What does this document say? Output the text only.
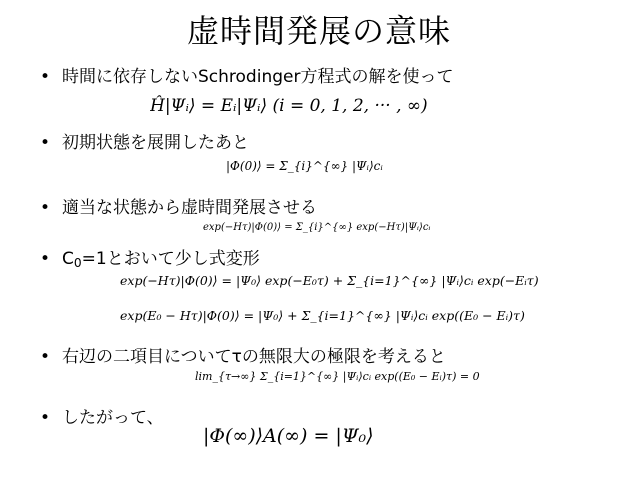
虚時間発展の意味
• 時間に依存しないSchrodinger方程式の解を使って
Ĥ|Ψᵢ⟩ = Eᵢ|Ψᵢ⟩ (i = 0, 1, 2, ··· , ∞)
• 初期状態を展開したあと
|Φ(0)⟩ = Σ_{i}^{∞} |Ψᵢ⟩cᵢ
• 適当な状態から虚時間発展させる
exp(−Hτ)|Φ(0)⟩ = Σ_{i}^{∞} exp(−Hτ)|Ψᵢ⟩cᵢ
• $C_0=1$とおいて少し式変形
exp(−Hτ)|Φ(0)⟩ = |Ψ₀⟩ exp(−E₀τ) + Σ_{i=1}^{∞} |Ψᵢ⟩cᵢ exp(−Eᵢτ)
exp(E₀ − Hτ)|Φ(0)⟩ = |Ψ₀⟩ + Σ_{i=1}^{∞} |Ψᵢ⟩cᵢ exp((E₀ − Eᵢ)τ)
• 右辺の二項目についてτの無限大の極限を考えると
lim_{τ→∞} Σ_{i=1}^{∞} |Ψᵢ⟩cᵢ exp((E₀ − Eᵢ)τ) = 0
• したがって、
|Φ(∞)⟩A(∞) = |Ψ₀⟩
